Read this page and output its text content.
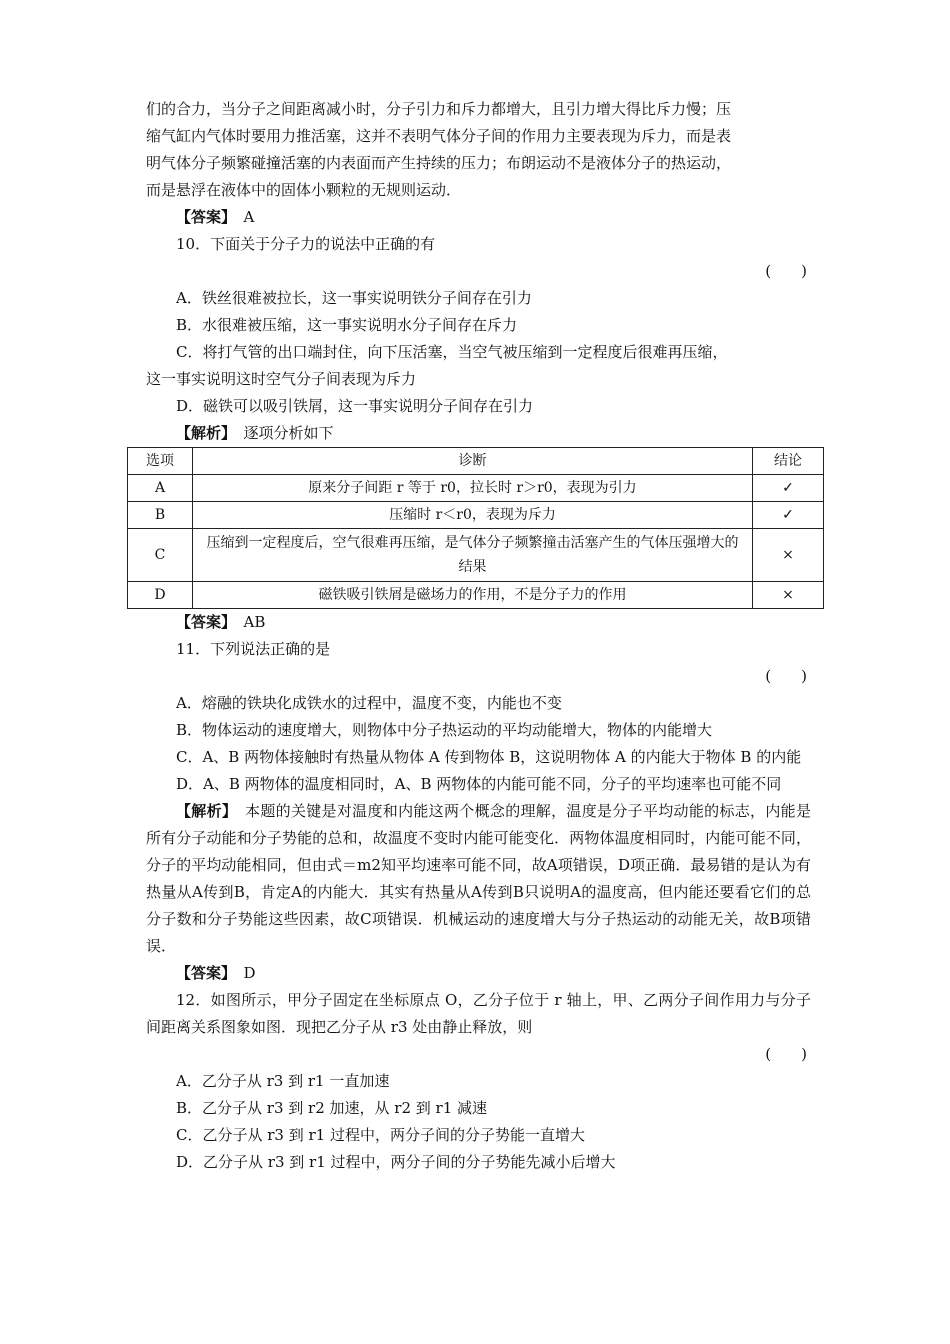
们的合力，当分子之间距离减小时，分子引力和斥力都增大，且引力增大得比斥力慢；压
缩气缸内气体时要用力推活塞，这并不表明气体分子间的作用力主要表现为斥力，而是表
明气体分子频繁碰撞活塞的内表面而产生持续的压力；布朗运动不是液体分子的热运动，
而是悬浮在液体中的固体小颗粒的无规则运动．
【答案】　 A
10．下面关于分子力的说法中正确的有
(　　)
A．铁丝很难被拉长，这一事实说明铁分子间存在引力
B．水很难被压缩，这一事实说明水分子间存在斥力
C．将打气管的出口端封住，向下压活塞，当空气被压缩到一定程度后很难再压缩，
这一事实说明这时空气分子间表现为斥力
D．磁铁可以吸引铁屑，这一事实说明分子间存在引力
【解析】　 逐项分析如下
【答案】　 AB
11．下列说法正确的是
(　　)
A．熔融的铁块化成铁水的过程中，温度不变，内能也不变
B．物体运动的速度增大，则物体中分子热运动的平均动能增大，物体的内能增大
C．A、B 两物体接触时有热量从物体 A 传到物体 B，这说明物体 A 的内能大于物体 B 的内能
D．A、B 两物体的温度相同时，A、B 两物体的内能可能不同，分子的平均速率也可能不同
【解析】　 本题的关键是对温度和内能这两个概念的理解，温度是分子平均动能的标志，内能是所有分子动能和分子势能的总和，故温度不变时内能可能变化．两物体温度相同时，内能可能不同，分子的平均动能相同，但由式＝m2知平均速率可能不同，故A项错误，D项正确．最易错的是认为有热量从A传到B，肯定A的内能大．其实有热量从A传到B只说明A的温度高，但内能还要看它们的总分子数和分子势能这些因素，故C项错误．机械运动的速度增大与分子热运动的动能无关，故B项错误．
【答案】　 D
12．如图所示，甲分子固定在坐标原点 O，乙分子位于 r 轴上，甲、乙两分子间作用力与分子间距离关系图象如图．现把乙分子从 r3 处由静止释放，则
(　　)
A．乙分子从 r3 到 r1 一直加速
B．乙分子从 r3 到 r2 加速，从 r2 到 r1 减速
C．乙分子从 r3 到 r1 过程中，两分子间的分子势能一直增大
D．乙分子从 r3 到 r1 过程中，两分子间的分子势能先减小后增大
选项	诊断	结论
A	原来分子间距 r 等于 r0，拉长时 r＞r0，表现为引力	✓
B	压缩时 r＜r0，表现为斥力	✓
C	压缩到一定程度后，空气很难再压缩，是气体分子频繁撞击活塞产生的气体压强增大的结果	×
D	磁铁吸引铁屑是磁场力的作用，不是分子力的作用	×
